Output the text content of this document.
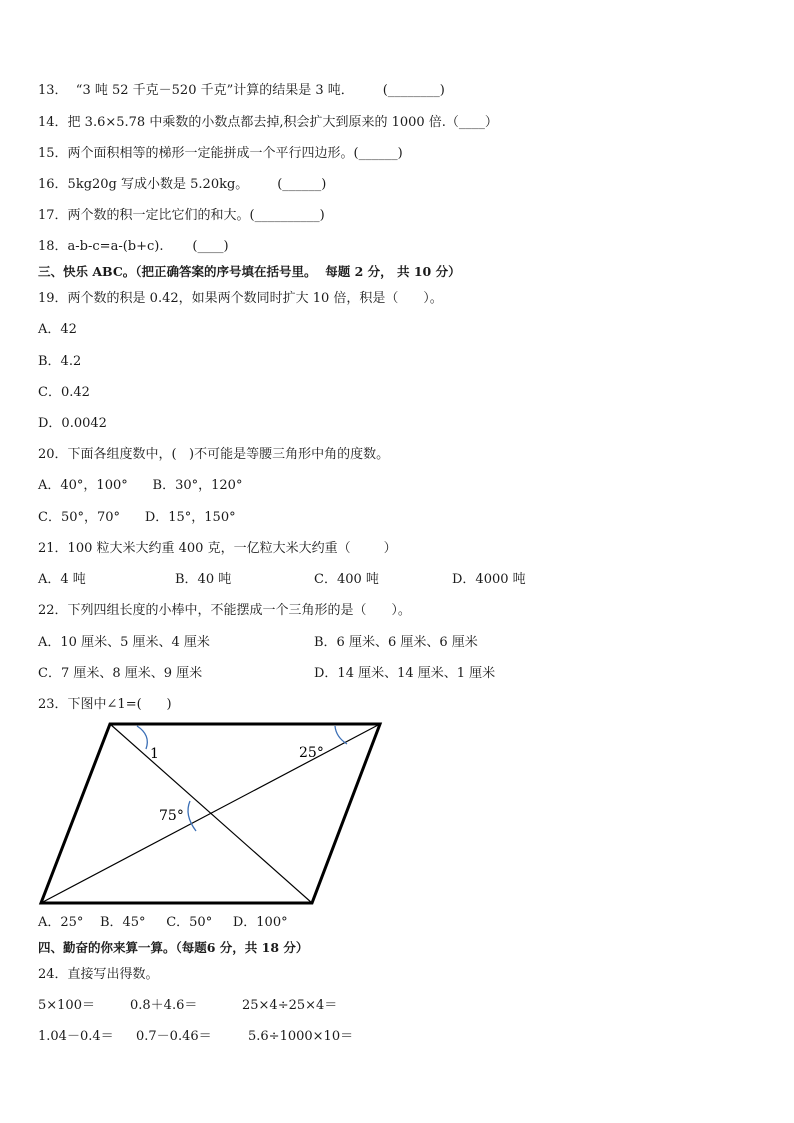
13．  “3 吨 52 千克－520 千克”计算的结果是 3 吨．       (________)
14．把 3.6×5.78 中乘数的小数点都去掉,积会扩大到原来的 1000 倍.（____）
15．两个面积相等的梯形一定能拼成一个平行四边形。(______)
16．5kg20g 写成小数是 5.20kg。       (______)
17．两个数的积一定比它们的和大。(__________)
18．a-b-c=a-(b+c).       (____)
三、快乐 ABC。（把正确答案的序号填在括号里。  每题 2 分， 共 10 分）
19．两个数的积是 0.42，如果两个数同时扩大 10 倍，积是（      ）。
A．42
B．4.2
C．0.42
D．0.0042
20．下面各组度数中，(   )不可能是等腰三角形中角的度数。
A．40°，100°      B．30°，120°
C．50°，70°      D．15°，150°
21．100 粒大米大约重 400 克，一亿粒大米大约重（        ）
A．4 吨	B．40 吨	C．400 吨	D．4000 吨
22．下列四组长度的小棒中，不能摆成一个三角形的是（      ）。
A．10 厘米、5 厘米、4 厘米	B．6 厘米、6 厘米、6 厘米
C．7 厘米、8 厘米、9 厘米	D．14 厘米、14 厘米、1 厘米
23．下图中∠1=(      )
1	25°
75°
A．25°    B．45°     C．50°     D．100°
四、勤奋的你来算一算。（每题6 分，共 18 分）
24．直接写出得数。
5×100＝	0.8＋4.6＝	25×4÷25×4＝
1.04－0.4＝ 0.7－0.46＝	5.6÷1000×10＝
